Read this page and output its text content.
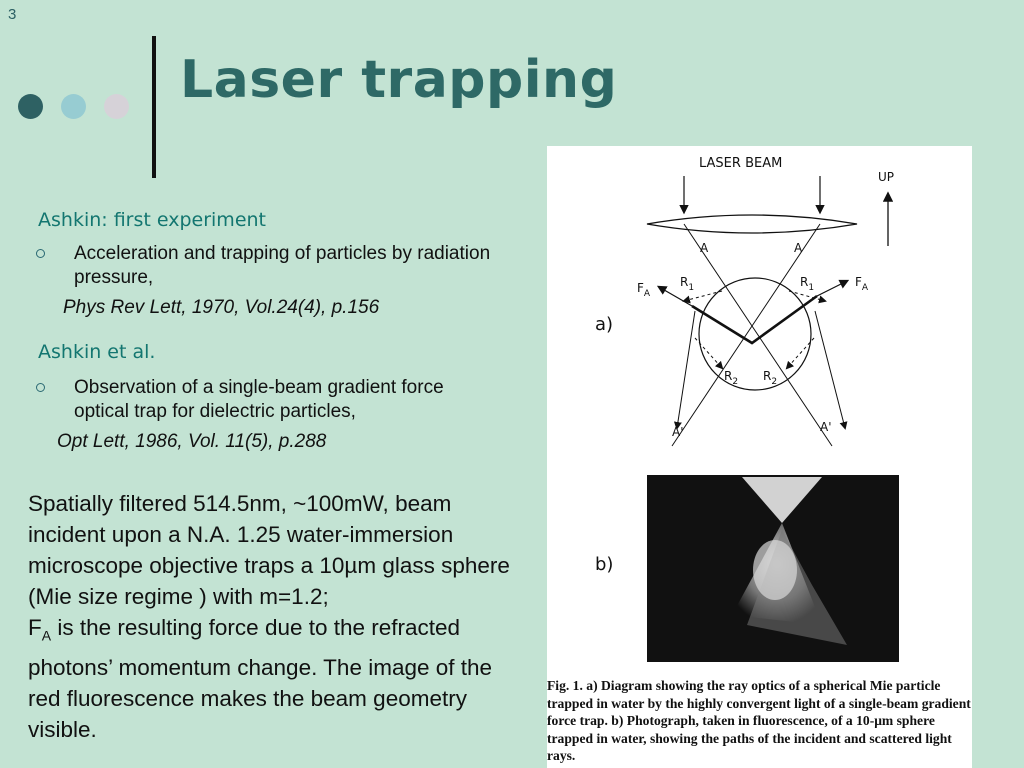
3
Laser trapping
Ashkin: first experiment
Acceleration and trapping of particles by radiation pressure,
Phys Rev Lett, 1970, Vol.24(4), p.156
Ashkin et al.
Observation of a single-beam gradient force optical trap for dielectric particles,
Opt Lett, 1986, Vol. 11(5), p.288
Spatially filtered 514.5nm, ~100mW, beam incident upon a N.A. 1.25 water-immersion microscope objective traps a 10µm glass sphere (Mie size regime ) with m=1.2;
$F_A$ is the resulting force due to the refracted photons’ momentum change. The image of the red fluorescence makes the beam geometry visible.
LASER BEAM
UP
A	A
A'	A'
$F_A$
$F_A$
$R_1$	$R_1$
$R_2$ $R_2$
a)
b)
Fig. 1. a) Diagram showing the ray optics of a spherical Mie particle trapped in water by the highly convergent light of a single-beam gradient force trap. b) Photograph, taken in fluorescence, of a 10-μm sphere trapped in water, showing the paths of the incident and scattered light rays.
